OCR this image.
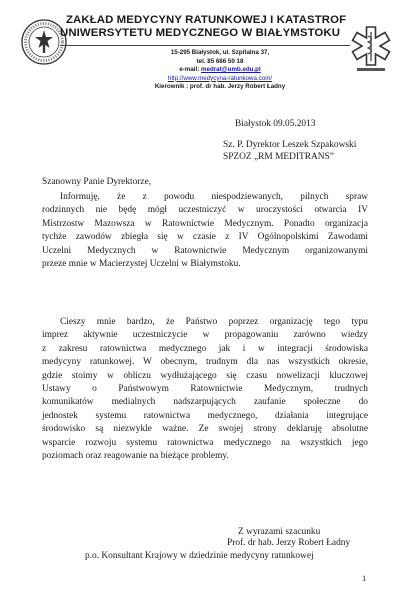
ZAKŁAD MEDYCYNY RATUNKOWEJ I KATASTROF
UNIWERSYTETU MEDYCZNEGO W BIAŁYMSTOKU
15-295 Białystok, ul. Szpitalna 37,
tel. 85 686 50 18
e-mail: medrat@umb.edu.pl
http://www.medycyna-ratunkowa.com/
Kierownik : prof. dr hab. Jerzy Robert Ładny
Białystok 09.05.2013
Sz. P. Dyrektor Leszek Szpakowski
SPZOZ „RM MEDITRANS”
Szanowny Panie Dyrektorze,
Informuję, że z powodu niespodziewanych, pilnych spraw
rodzinnych nie będę mógł uczestniczyć w uroczystości otwarcia IV
Mistrzostw Mazowsza w Ratownictwie Medycznym. Ponadto organizacja
tychże zawodów zbiegła się w czasie z IV Ogólnopolskimi Zawodami
Uczelni Medycznych w Ratownictwie Medycznym organizowanymi
przeze mnie w Macierzystej Uczelni w Białymstoku.
Cieszy mnie bardzo, że Państwo poprzez organizację tego typu
imprez aktywnie uczestniczycie w propagowaniu zarówno wiedzy
z zakresu ratownictwa medycznego jak i w integracji środowiska
medycyny ratunkowej. W obecnym, trudnym dla nas wszystkich okresie,
gdzie stoimy w obliczu wydłużającego się czasu nowelizacji kluczowej
Ustawy o Państwowym Ratownictwie Medycznym, trudnych
komunikatów medialnych nadszarpujących zaufanie społeczne do
jednostek systemu ratownictwa medycznego, działania integrujące
środowisko są niezwykle ważne. Ze swojej strony deklaruję absolutne
wsparcie rozwoju systemu ratownictwa medycznego na wszystkich jego
poziomach oraz reagowanie na bieżące problemy.
Z wyrazami szacunku
Prof. dr hab. Jerzy Robert Ładny
p.o. Konsultant Krajowy w dziedzinie medycyny ratunkowej
1
